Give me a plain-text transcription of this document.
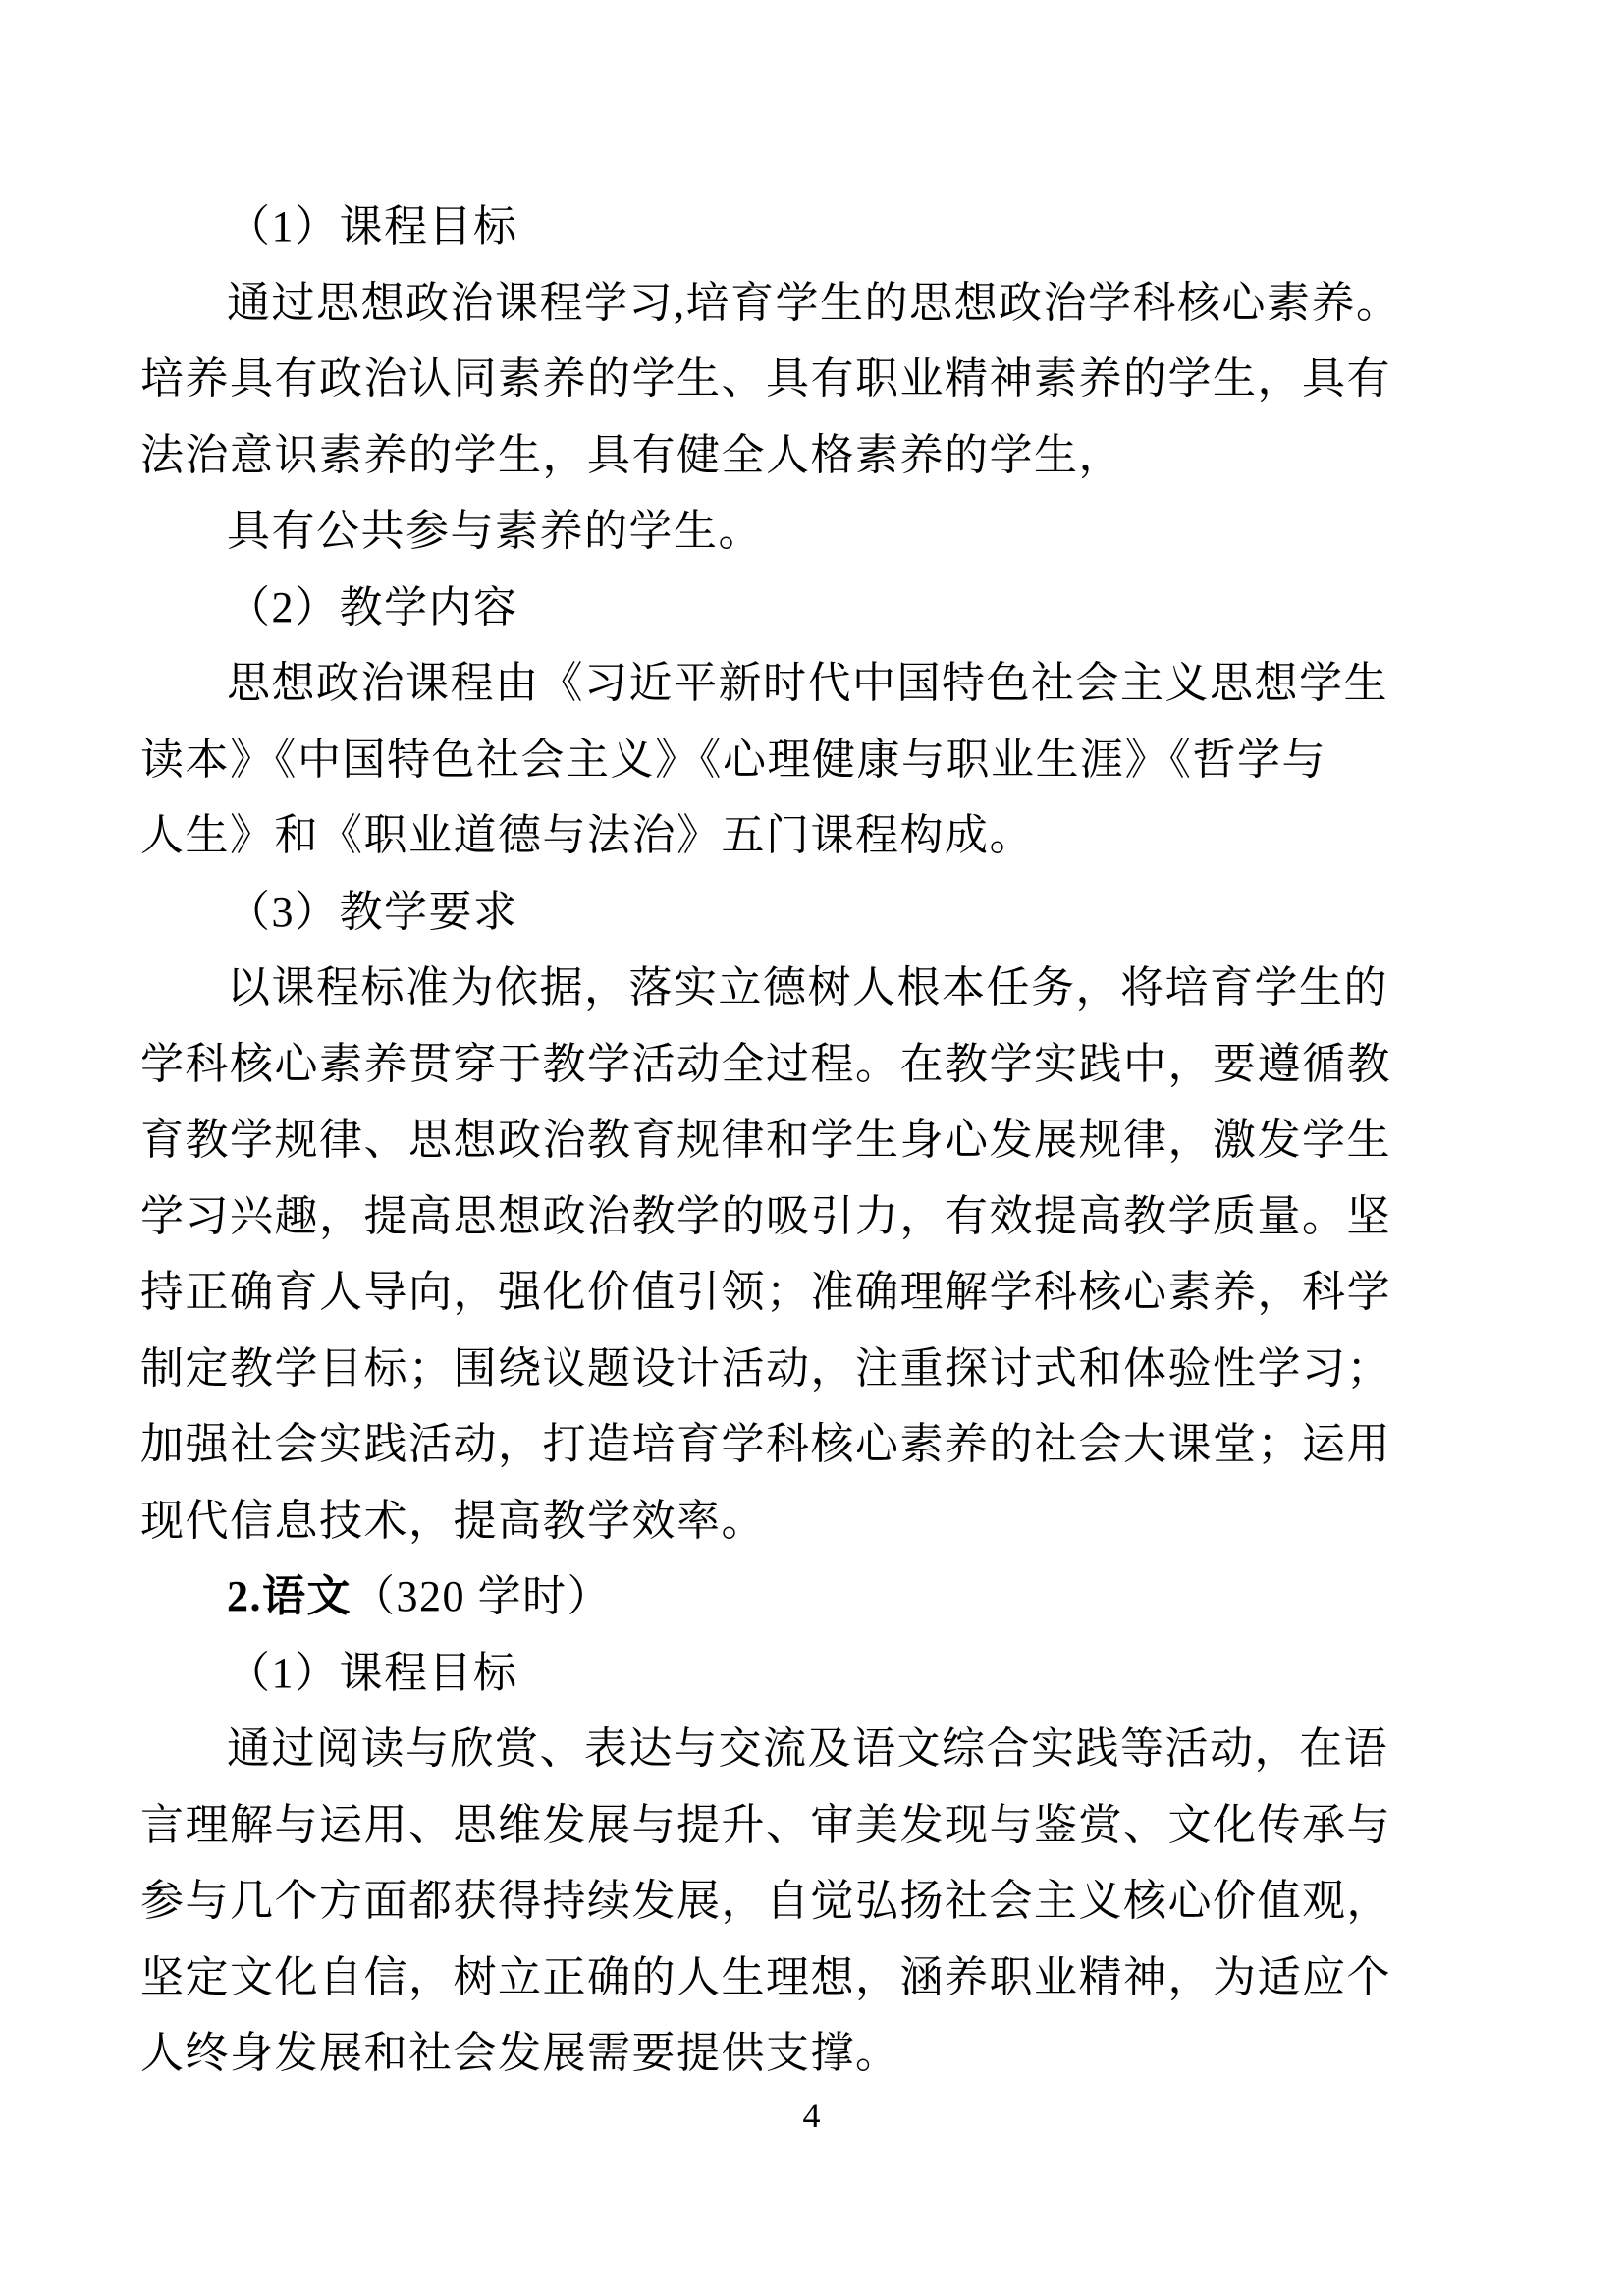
（1）课程目标
通过思想政治课程学习,培育学生的思想政治学科核心素养。
培养具有政治认同素养的学生、具有职业精神素养的学生，具有
法治意识素养的学生，具有健全人格素养的学生，
具有公共参与素养的学生。
（2）教学内容
思想政治课程由《习近平新时代中国特色社会主义思想学生
读本》《中国特色社会主义》《心理健康与职业生涯》《哲学与
人生》和《职业道德与法治》五门课程构成。
（3）教学要求
以课程标准为依据，落实立德树人根本任务，将培育学生的
学科核心素养贯穿于教学活动全过程。在教学实践中，要遵循教
育教学规律、思想政治教育规律和学生身心发展规律，激发学生
学习兴趣，提高思想政治教学的吸引力，有效提高教学质量。坚
持正确育人导向，强化价值引领；准确理解学科核心素养，科学
制定教学目标；围绕议题设计活动，注重探讨式和体验性学习；
加强社会实践活动，打造培育学科核心素养的社会大课堂；运用
现代信息技术，提高教学效率。
2.语文（320 学时）
（1）课程目标
通过阅读与欣赏、表达与交流及语文综合实践等活动，在语
言理解与运用、思维发展与提升、审美发现与鉴赏、文化传承与
参与几个方面都获得持续发展，自觉弘扬社会主义核心价值观，
坚定文化自信，树立正确的人生理想，涵养职业精神，为适应个
人终身发展和社会发展需要提供支撑。
4
